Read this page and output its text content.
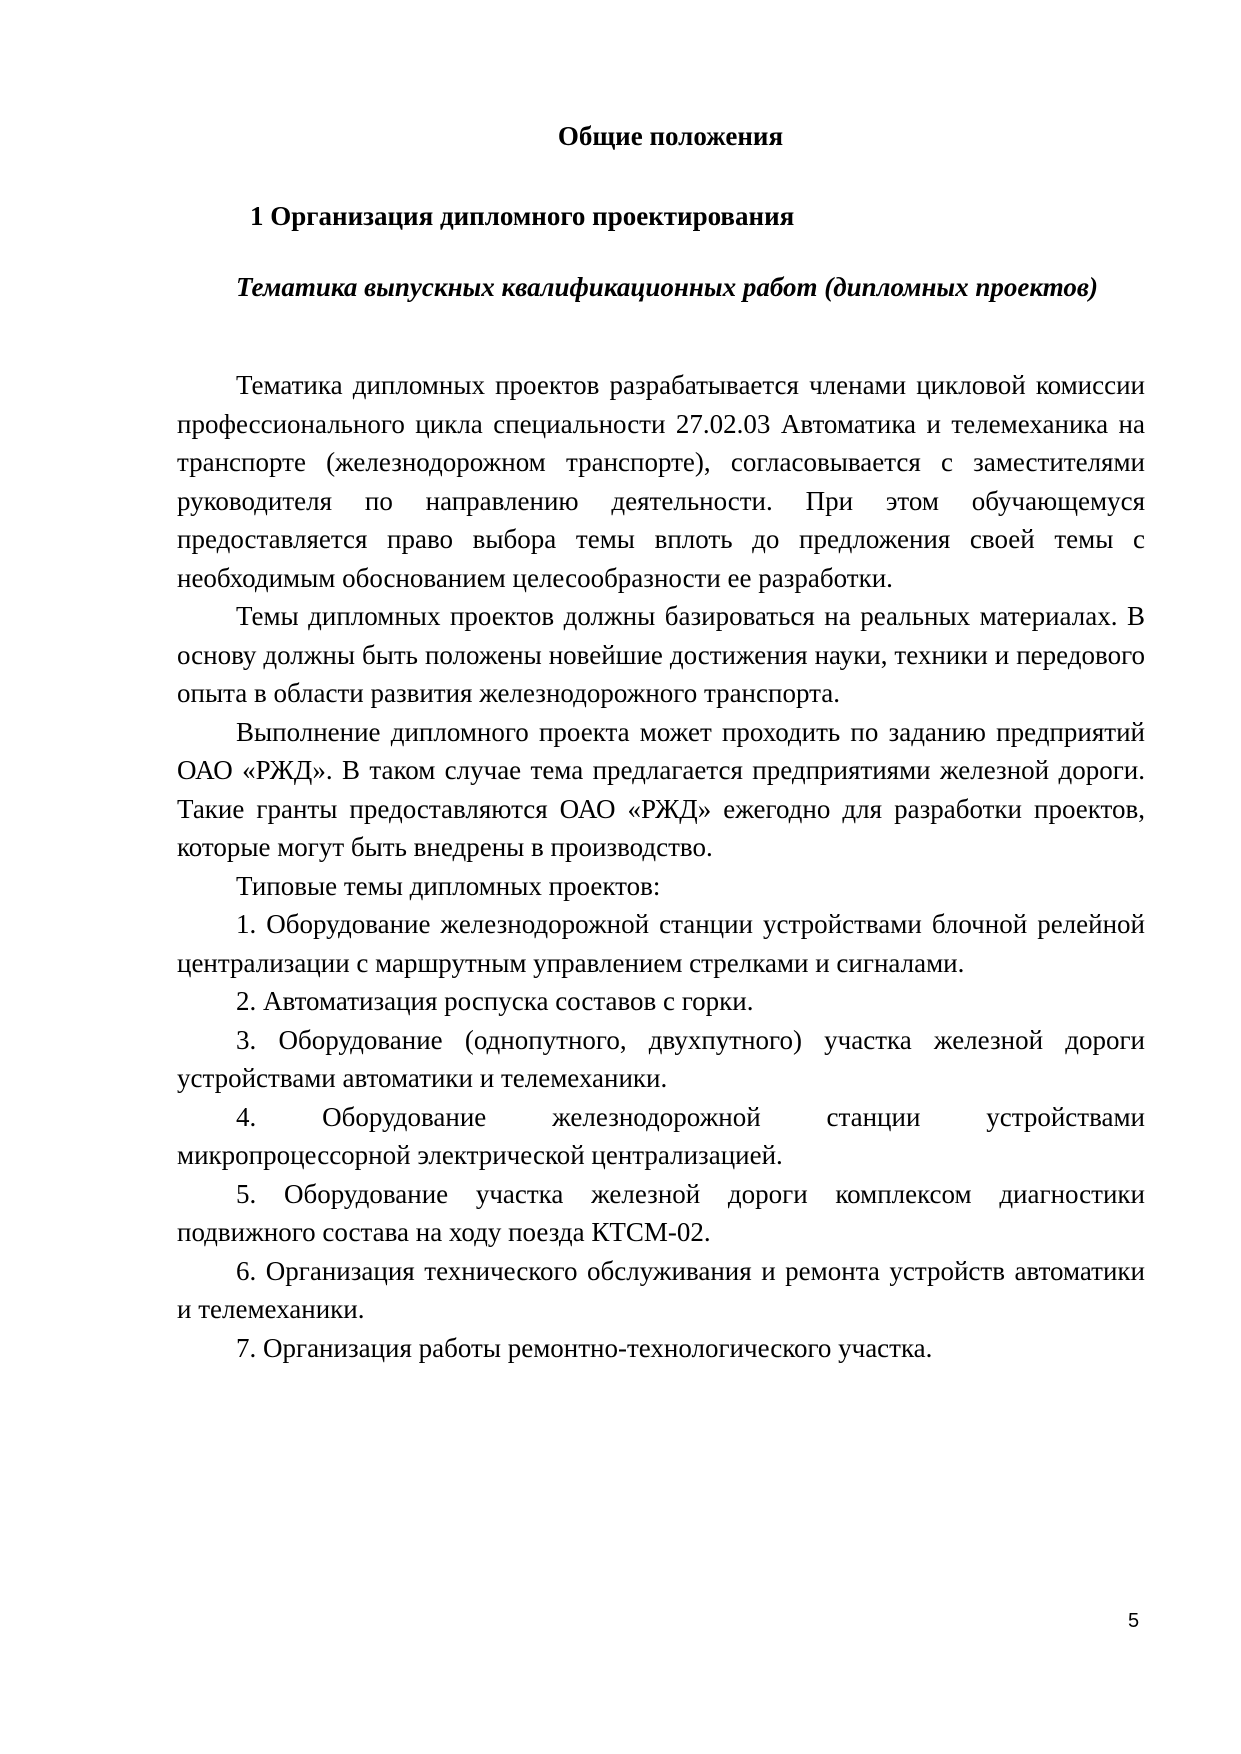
Общие положения
1 Организация дипломного проектирования
Тематика выпускных квалификационных работ (дипломных проектов)

Тематика дипломных проектов разрабатывается членами цикловой комиссии профессионального цикла специальности 27.02.03 Автоматика и телемеханика на транспорте (железнодорожном транспорте), согласовывается с заместителями руководителя по направлению деятельности. При этом обучающемуся предоставляется право выбора темы вплоть до предложения своей темы с необходимым обоснованием целесообразности ее разработки.

Темы дипломных проектов должны базироваться на реальных материалах. В основу должны быть положены новейшие достижения науки, техники и передового опыта в области развития железнодорожного транспорта.

Выполнение дипломного проекта может проходить по заданию предприятий ОАО «РЖД». В таком случае тема предлагается предприятиями железной дороги. Такие гранты предоставляются ОАО «РЖД» ежегодно для разработки проектов, которые могут быть внедрены в производство.

Типовые темы дипломных проектов:

1. Оборудование железнодорожной станции устройствами блочной релейной централизации с маршрутным управлением стрелками и сигналами.

2. Автоматизация роспуска составов с горки.

3. Оборудование (однопутного, двухпутного) участка железной дороги устройствами автоматики и телемеханики.

4. Оборудование железнодорожной станции устройствами микропроцессорной электрической централизацией.

5. Оборудование участка железной дороги комплексом диагностики подвижного состава на ходу поезда КТСМ-02.

6. Организация технического обслуживания и ремонта устройств автоматики и телемеханики.

7. Организация работы ремонтно-технологического участка.

5
